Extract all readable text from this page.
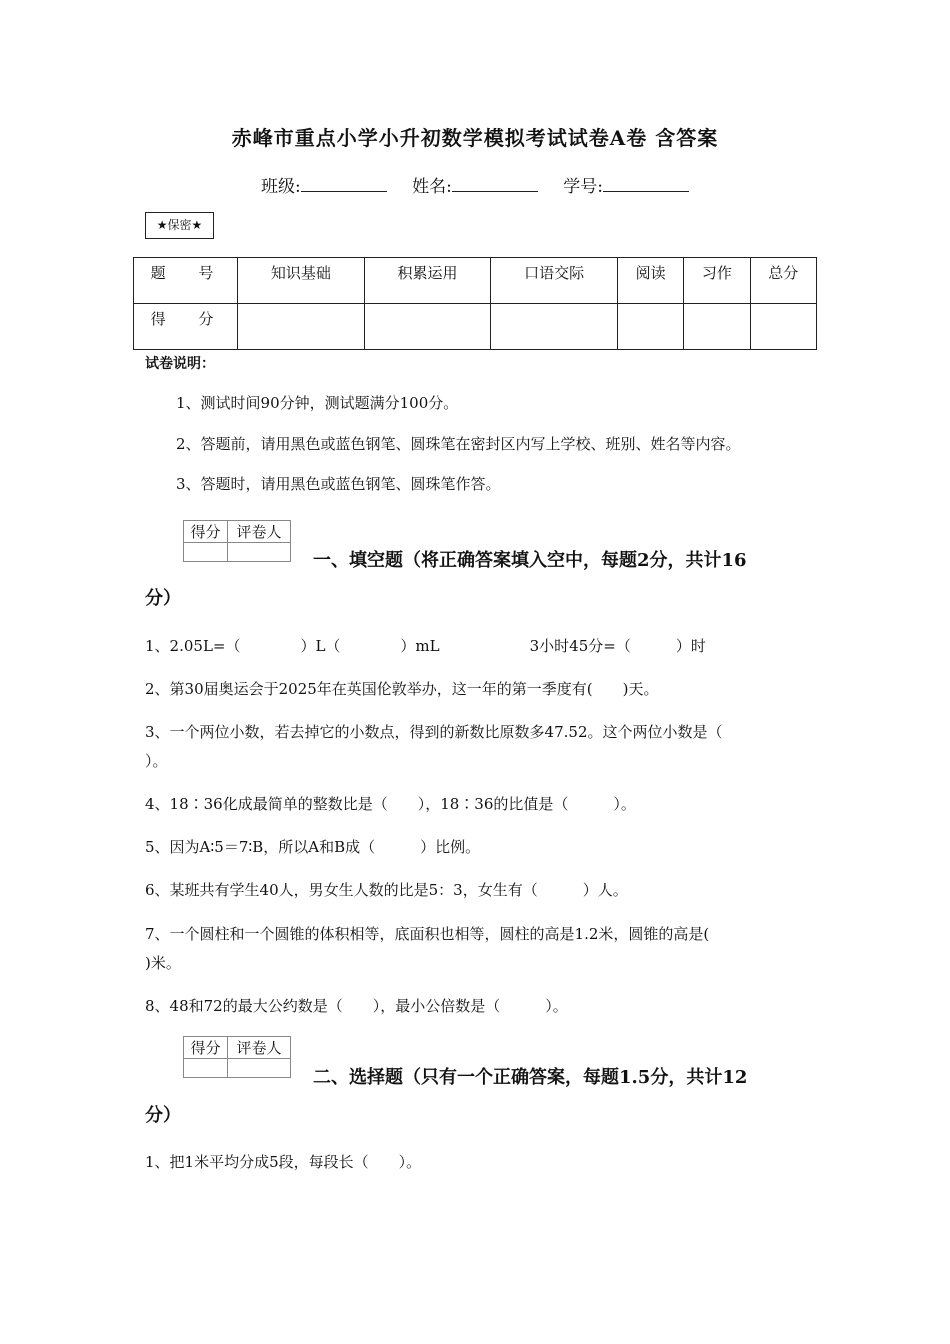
赤峰市重点小学小升初数学模拟考试试卷A卷 含答案
班级:	姓名:	学号:
★保密★
题 号	知识基础	积累运用	口语交际	阅读	习作	总分
得 分						
试卷说明：
1、测试时间90分钟，测试题满分100分。
2、答题前，请用黑色或蓝色钢笔、圆珠笔在密封区内写上学校、班别、姓名等内容。
3、答题时，请用黑色或蓝色钢笔、圆珠笔作答。
得分	评卷人

一、填空题（将正确答案填入空中，每题2分，共计16
分）
1、2.05L=（　　　　）L（　　　　）mL　　　　　　3小时45分=（　　　）时
2、第30届奥运会于2025年在英国伦敦举办，这一年的第一季度有(　　)天。
3、一个两位小数，若去掉它的小数点，得到的新数比原数多47.52。这个两位小数是（
）。
4、18∶36化成最简单的整数比是（　　），18∶36的比值是（　　　）。
5、因为A∶5＝7∶B，所以A和B成（　　　）比例。
6、某班共有学生40人，男女生人数的比是5：3，女生有（　　　）人。
7、一个圆柱和一个圆锥的体积相等，底面积也相等，圆柱的高是1.2米，圆锥的高是(
)米。
8、48和72的最大公约数是（　　），最小公倍数是（　　　）。
得分	评卷人

二、选择题（只有一个正确答案，每题1.5分，共计12
分）
1、把1米平均分成5段，每段长（　　）。
